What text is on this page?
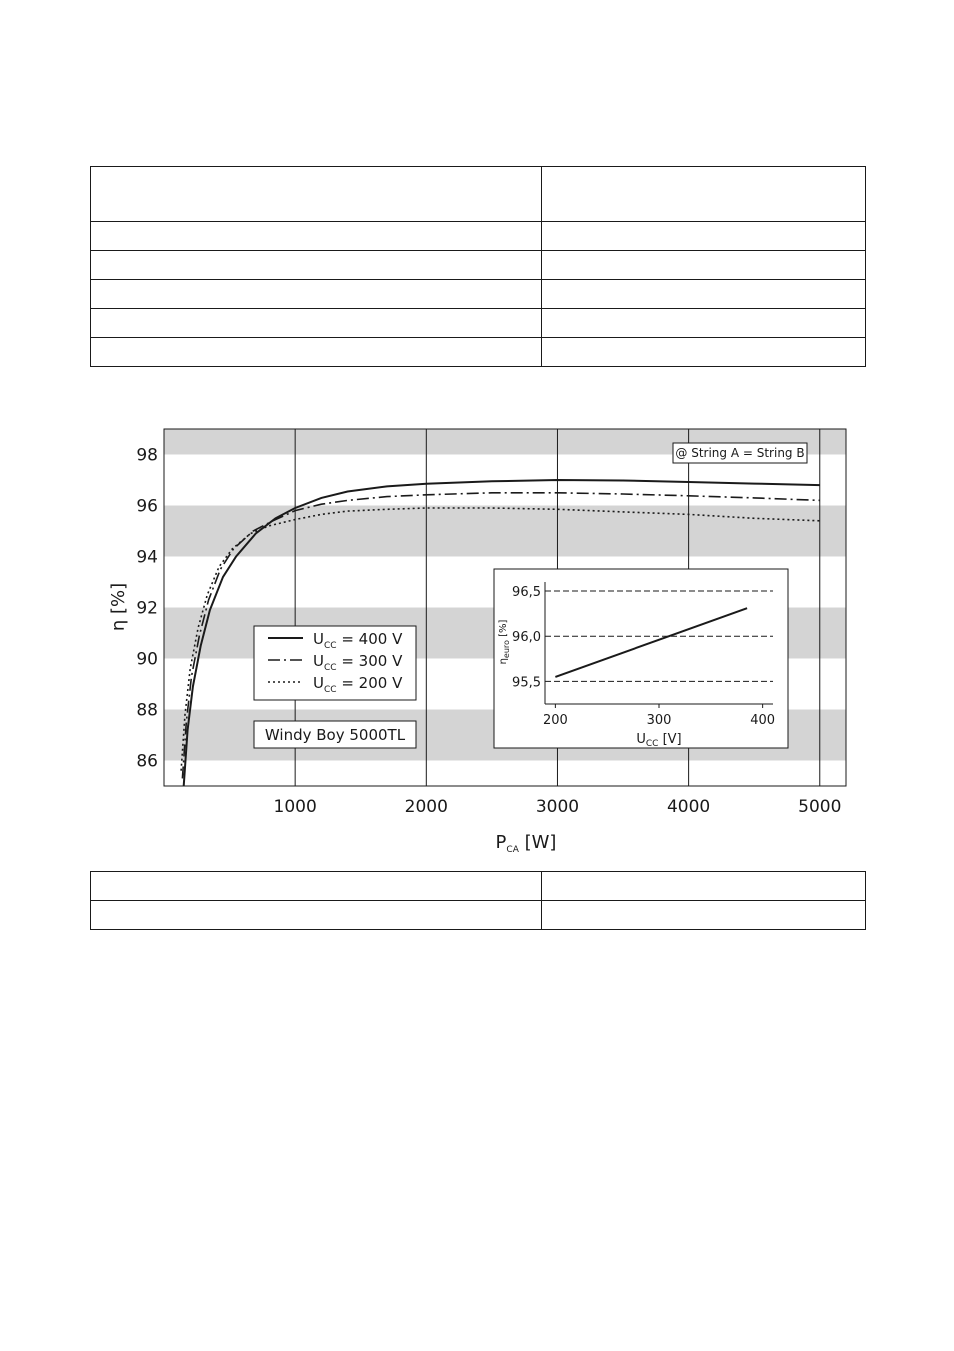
86
88
90
92
94
96
98
1000	2000	3000	4000	5000
η [%]
$P_{CA}$ [W]
@ String A = String B
$U_{CC} = 400$ V
$U_{CC} = 300$ V
$U_{CC} = 200$ V
Windy Boy 5000TL
95,5
96,0
96,5
200	300	400
$U_{CC}$ [V]
$\eta_{euro}$ [%]
